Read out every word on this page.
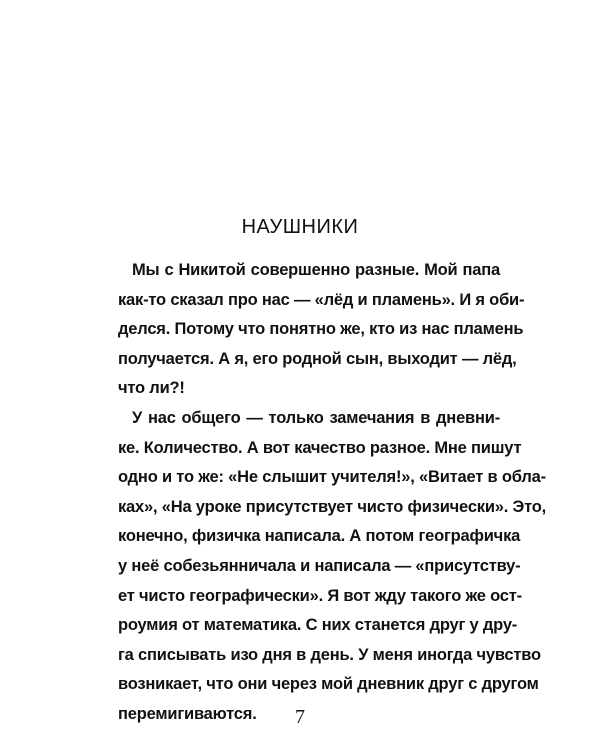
НАУШНИКИ
Мы с Никитой совершенно разные. Мой папа
как-то сказал про нас — «лёд и пламень». И я оби-
делся. Потому что понятно же, кто из нас пламень
получается. А я, его родной сын, выходит — лёд,
что ли?!
У нас общего — только замечания в дневни-
ке. Количество. А вот качество разное. Мне пишут
одно и то же: «Не слышит учителя!», «Витает в обла-
ках», «На уроке присутствует чисто физически». Это,
конечно, физичка написала. А потом географичка
у неё собезьянничала и написала — «присутству-
ет чисто географически». Я вот жду такого же ост-
роумия от математика. С них станется друг у дру-
га списывать изо дня в день. У меня иногда чувство
возникает, что они через мой дневник друг с другом
перемигиваются.	7
